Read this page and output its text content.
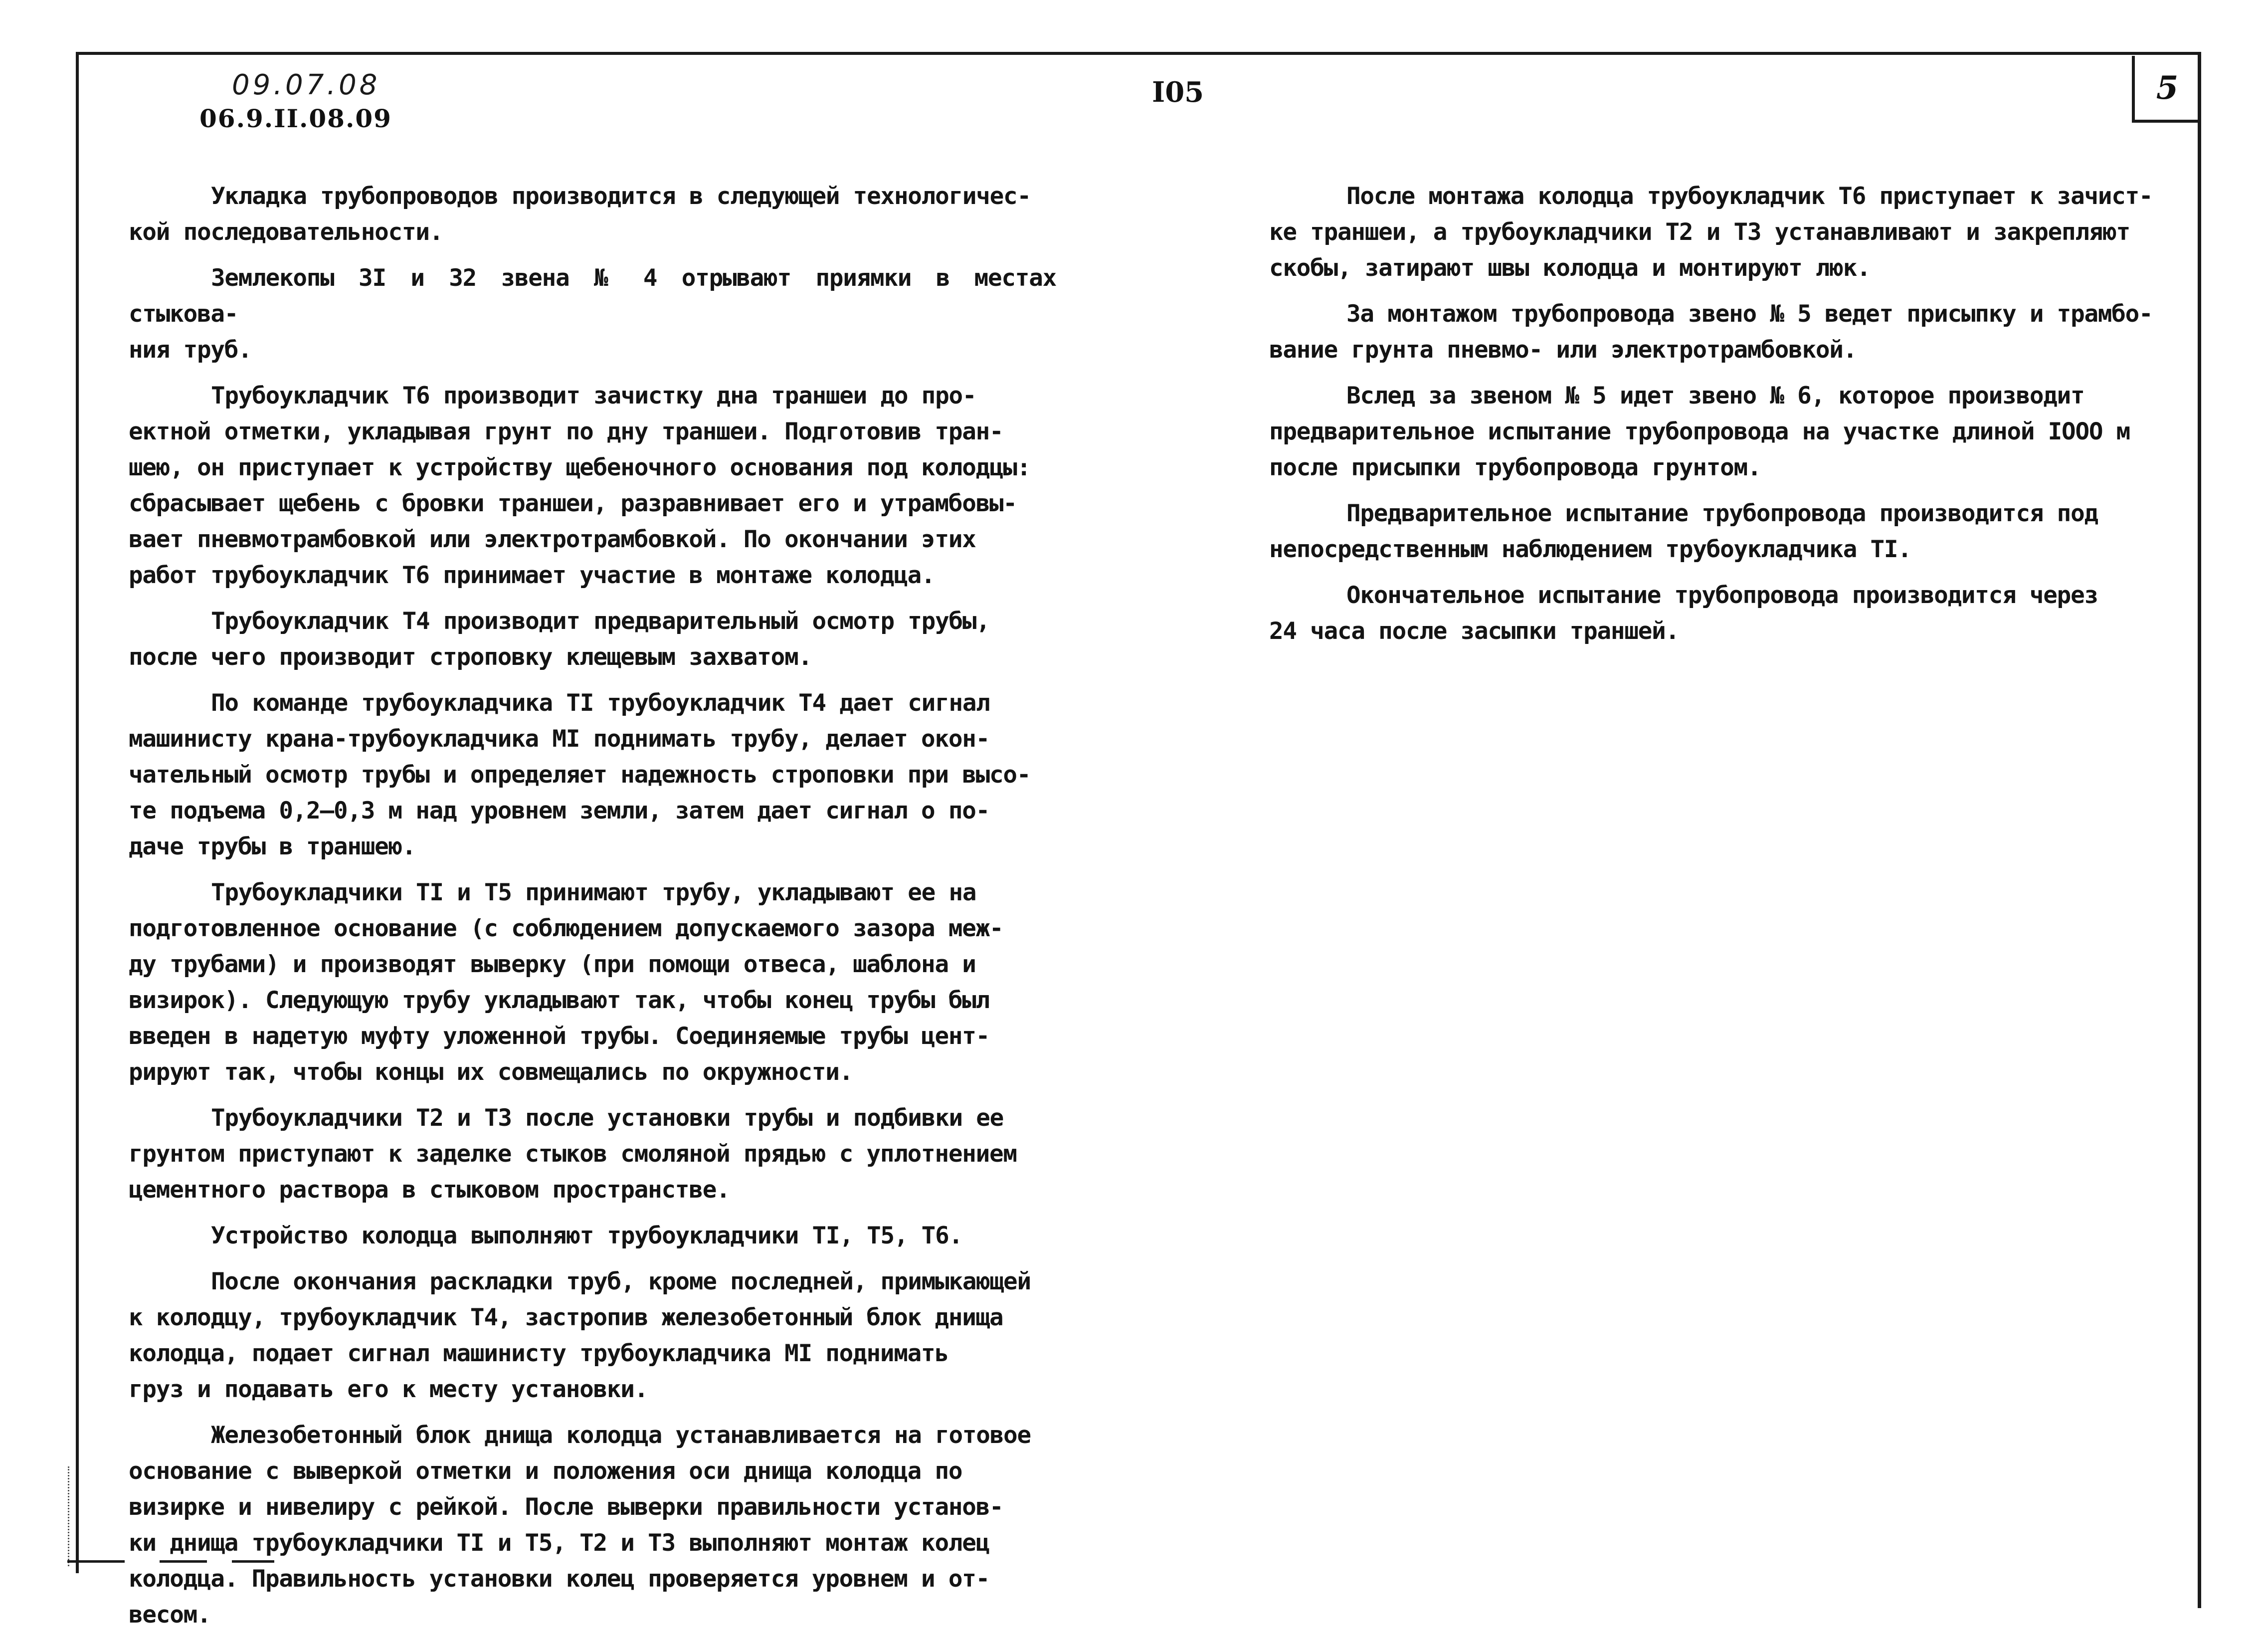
5
09.07.08
06.9.II.08.09
I05

Укладка трубопроводов производится в следующей технологичес-
кой последовательности.

Землекопы ЗI и З2 звена № 4 отрывают приямки в местах стыкова-
ния труб.

Трубоукладчик Т6 производит зачистку дна траншеи до про-
ектной отметки, укладывая грунт по дну траншеи. Подготовив тран-
шею, он приступает к устройству щебеночного основания под колодцы:
сбрасывает щебень с бровки траншеи, разравнивает его и утрамбовы-
вает пневмотрамбовкой или электротрамбовкой. По окончании этих
работ трубоукладчик Т6 принимает участие в монтаже колодца.

Трубоукладчик Т4 производит предварительный осмотр трубы,
после чего производит строповку клещевым захватом.

По команде трубоукладчика ТI трубоукладчик Т4 дает сигнал
машинисту крана-трубоукладчика МI поднимать трубу, делает окон-
чательный осмотр трубы и определяет надежность строповки при высо-
те подъема 0,2–0,3 м над уровнем земли, затем дает сигнал о по-
даче трубы в траншею.

Трубоукладчики ТI и Т5 принимают трубу, укладывают ее на
подготовленное основание (с соблюдением допускаемого зазора меж-
ду трубами) и производят выверку (при помощи отвеса, шаблона и
визирок). Следующую трубу укладывают так, чтобы конец трубы был
введен в надетую муфту уложенной трубы. Соединяемые трубы цент-
рируют так, чтобы концы их совмещались по окружности.

Трубоукладчики Т2 и ТЗ после установки трубы и подбивки ее
грунтом приступают к заделке стыков смоляной прядью с уплотнением
цементного раствора в стыковом пространстве.

Устройство колодца выполняют трубоукладчики ТI, Т5, Т6.

После окончания раскладки труб, кроме последней, примыкающей
к колодцу, трубоукладчик Т4, застропив железобетонный блок днища
колодца, подает сигнал машинисту трубоукладчика МI поднимать
груз и подавать его к месту установки.

Железобетонный блок днища колодца устанавливается на готовое
основание с выверкой отметки и положения оси днища колодца по
визирке и нивелиру с рейкой. После выверки правильности установ-
ки днища трубоукладчики ТI и Т5, Т2 и ТЗ выполняют монтаж колец
колодца. Правильность установки колец проверяется уровнем и от-
весом.

После монтажа колодца трубоукладчик Т6 приступает к зачист-
ке траншеи, а трубоукладчики Т2 и ТЗ устанавливают и закрепляют
скобы, затирают швы колодца и монтируют люк.

За монтажом трубопровода звено № 5 ведет присыпку и трамбо-
вание грунта пневмо- или электротрамбовкой.

Вслед за звеном № 5 идет звено № 6, которое производит
предварительное испытание трубопровода на участке длиной IООО м
после присыпки трубопровода грунтом.

Предварительное испытание трубопровода производится под
непосредственным наблюдением трубоукладчика ТI.

Окончательное испытание трубопровода производится через
24 часа после засыпки траншей.
